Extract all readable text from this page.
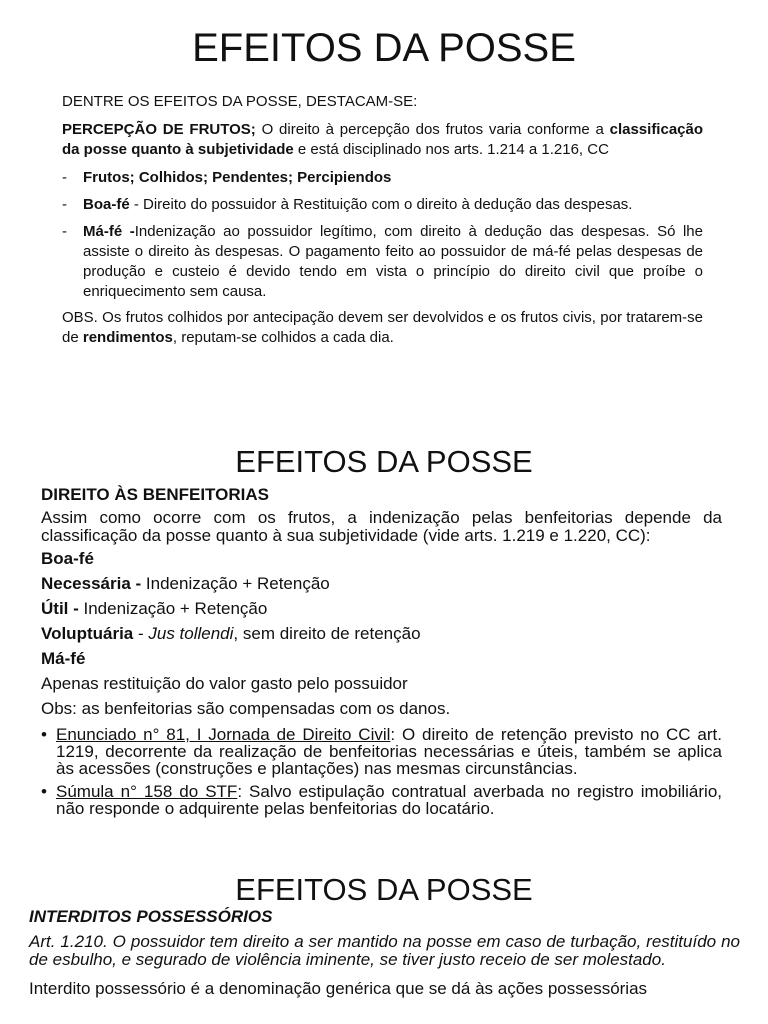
EFEITOS DA POSSE

DENTRE OS EFEITOS DA POSSE, DESTACAM-SE:

PERCEPÇÃO DE FRUTOS; O direito à percepção dos frutos varia conforme a classificação da posse quanto à subjetividade e está disciplinado nos arts. 1.214 a 1.216, CC

- Frutos; Colhidos; Pendentes; Percipiendos
- Boa-fé - Direito do possuidor à Restituição com o direito à dedução das despesas.
- Má-fé -Indenização ao possuidor legítimo, com direito à dedução das despesas. Só lhe assiste o direito às despesas. O pagamento feito ao possuidor de má-fé pelas despesas de produção e custeio é devido tendo em vista o princípio do direito civil que proíbe o enriquecimento sem causa.

OBS. Os frutos colhidos por antecipação devem ser devolvidos e os frutos civis, por tratarem-se de rendimentos, reputam-se colhidos a cada dia.

EFEITOS DA POSSE
DIREITO ÀS BENFEITORIAS
Assim como ocorre com os frutos, a indenização pelas benfeitorias depende da classificação da posse quanto à sua subjetividade (vide arts. 1.219 e 1.220, CC):
Boa-fé
Necessária - Indenização + Retenção
Útil - Indenização + Retenção
Voluptuária - Jus tollendi, sem direito de retenção
Má-fé
Apenas restituição do valor gasto pelo possuidor
Obs: as benfeitorias são compensadas com os danos.
• Enunciado n° 81, I Jornada de Direito Civil: O direito de retenção previsto no CC art. 1219, decorrente da realização de benfeitorias necessárias e úteis, também se aplica às acessões (construções e plantações) nas mesmas circunstâncias.
• Súmula n° 158 do STF: Salvo estipulação contratual averbada no registro imobiliário, não responde o adquirente pelas benfeitorias do locatário.
EFEITOS DA POSSE
INTERDITOS POSSESSÓRIOS
Art. 1.210. O possuidor tem direito a ser mantido na posse em caso de turbação, restituído no de esbulho, e segurado de violência iminente, se tiver justo receio de ser molestado.
Interdito possessório é a denominação genérica que se dá às ações possessórias
